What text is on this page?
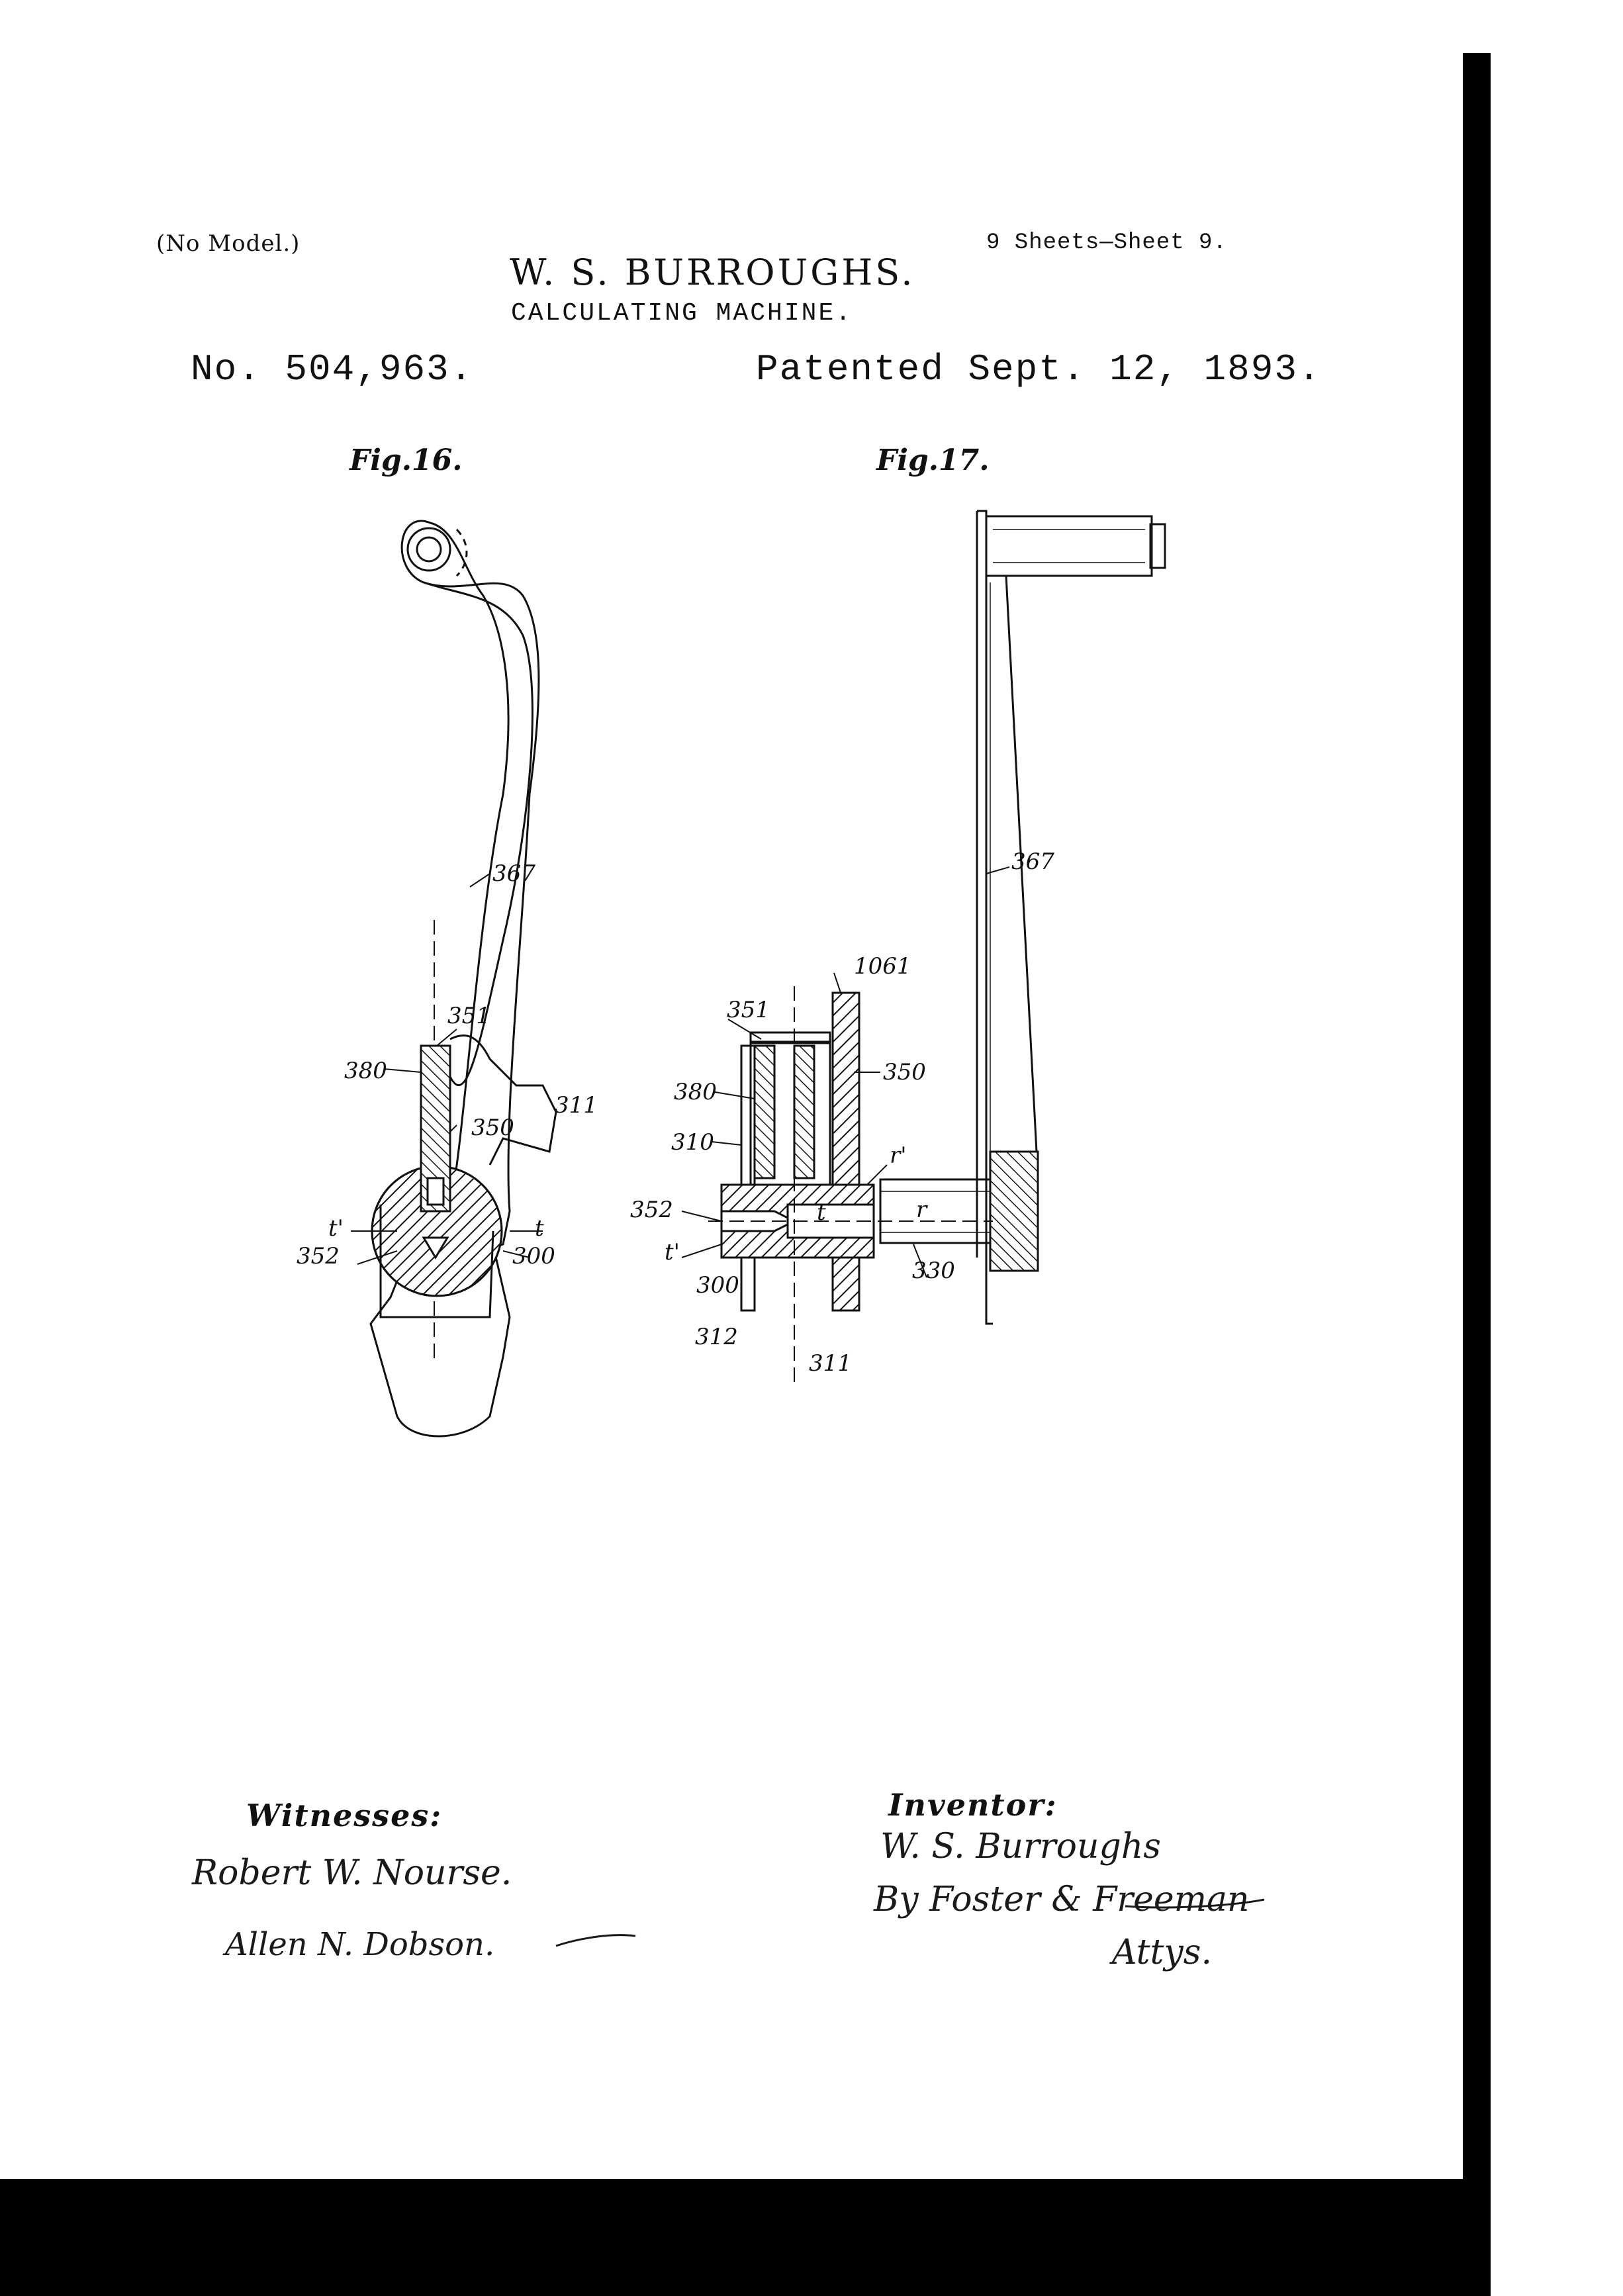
(No Model.)	9 Sheets—Sheet 9.
W. S. BURROUGHS.
CALCULATING MACHINE.
No. 504,963.	Patented Sept. 12, 1893.
Fig.16.	Fig.17.
367
351
380
350
311
t'	t
352	300
367
1061
351
350
380
310	r'
352	t	r
t'
300
330
312
311
Witnesses:
Robert W. Nourse.
Allen N. Dobson.
Inventor:
W. S. Burroughs
By Foster & Freeman
Attys.
